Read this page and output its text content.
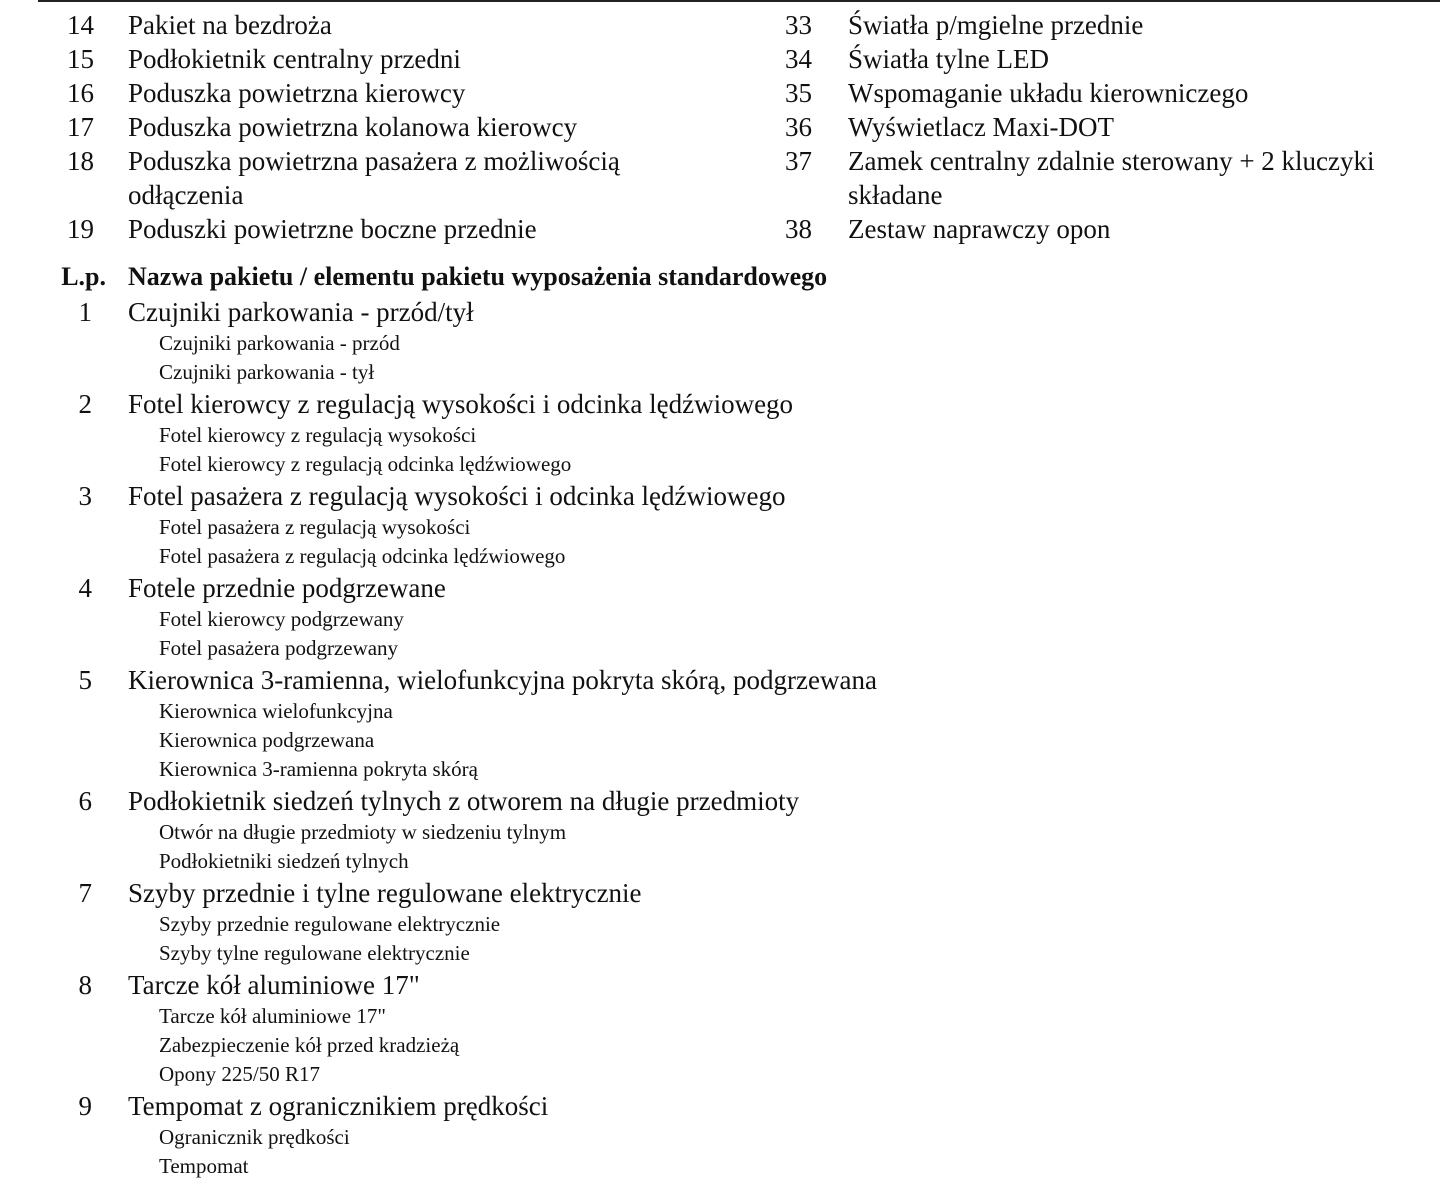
14 Pakiet na bezdroża
15 Podłokietnik centralny przedni
16 Poduszka powietrzna kierowcy
17 Poduszka powietrzna kolanowa kierowcy
18 Poduszka powietrzna pasażera z możliwością odłączenia
19 Poduszki powietrzne boczne przednie
33 Światła p/mgielne przednie
34 Światła tylne LED
35 Wspomaganie układu kierowniczego
36 Wyświetlacz Maxi-DOT
37 Zamek centralny zdalnie sterowany + 2 kluczyki składane
38 Zestaw naprawczy opon
L.p. Nazwa pakietu / elementu pakietu wyposażenia standardowego
1 Czujniki parkowania - przód/tył
Czujniki parkowania - przód
Czujniki parkowania - tył
2 Fotel kierowcy z regulacją wysokości i odcinka lędźwiowego
Fotel kierowcy z regulacją wysokości
Fotel kierowcy z regulacją odcinka lędźwiowego
3 Fotel pasażera z regulacją wysokości i odcinka lędźwiowego
Fotel pasażera z regulacją wysokości
Fotel pasażera z regulacją odcinka lędźwiowego
4 Fotele przednie podgrzewane
Fotel kierowcy podgrzewany
Fotel pasażera podgrzewany
5 Kierownica 3-ramienna, wielofunkcyjna pokryta skórą, podgrzewana
Kierownica wielofunkcyjna
Kierownica podgrzewana
Kierownica 3-ramienna pokryta skórą
6 Podłokietnik siedzeń tylnych z otworem na długie przedmioty
Otwór na długie przedmioty w siedzeniu tylnym
Podłokietniki siedzeń tylnych
7 Szyby przednie i tylne regulowane elektrycznie
Szyby przednie regulowane elektrycznie
Szyby tylne regulowane elektrycznie
8 Tarcze kół aluminiowe 17"
Tarcze kół aluminiowe 17"
Zabezpieczenie kół przed kradzieżą
Opony 225/50 R17
9 Tempomat z ogranicznikiem prędkości
Ogranicznik prędkości
Tempomat
